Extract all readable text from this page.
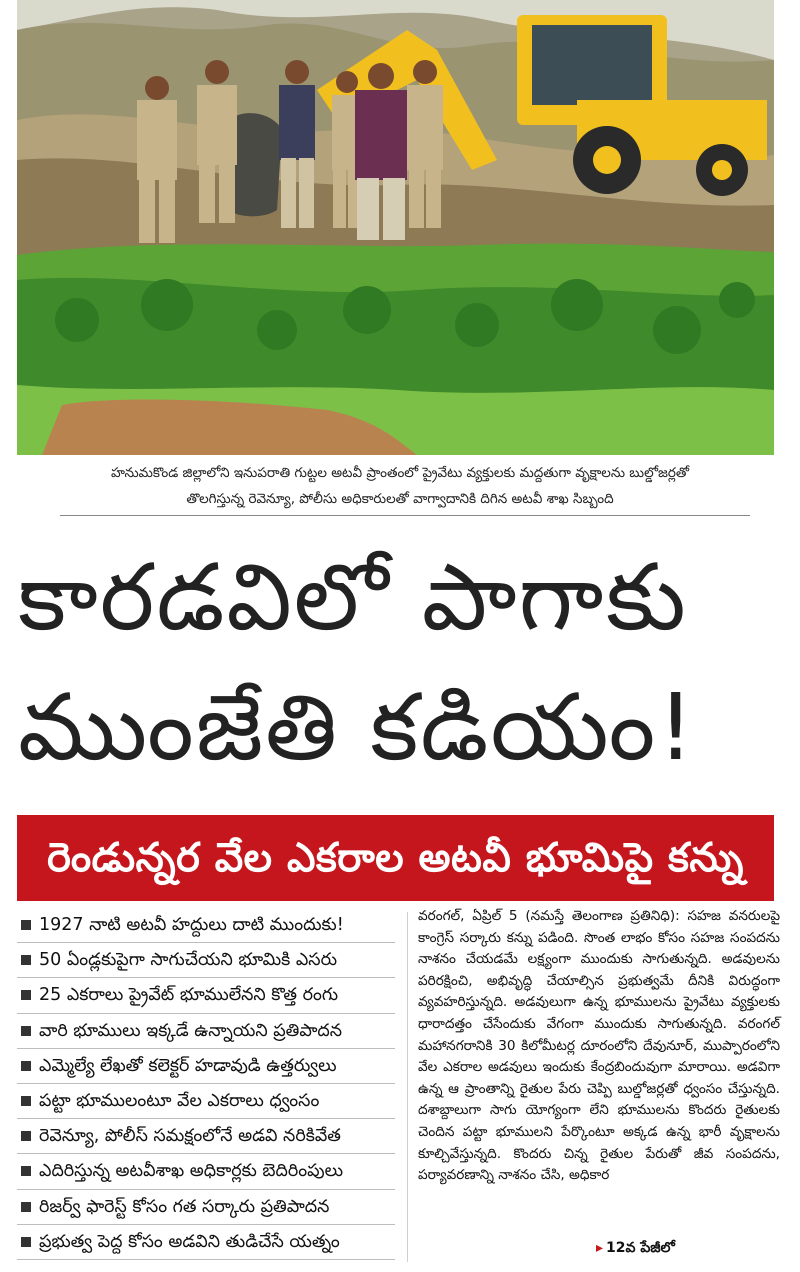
హనుమకొండ జిల్లాలోని ఇనుపరాతి గుట్టల అటవీ ప్రాంతంలో ప్రైవేటు వ్యక్తులకు మద్దతుగా వృక్షాలను బుల్డోజర్లతో
తొలగిస్తున్న రెవెన్యూ, పోలీసు అధికారులతో వాగ్వాదానికి దిగిన అటవీ శాఖ సిబ్బంది
కారడవిలో పాగాకు
ముంజేతి కడియం!
రెండున్నర వేల ఎకరాల అటవీ భూమిపై కన్ను
1927 నాటి అటవీ హద్దులు దాటి ముందుకు!
50 ఏండ్లకుపైగా సాగుచేయని భూమికి ఎసరు
25 ఎకరాలు ప్రైవేట్ భూములేనని కొత్త రంగు
వారి భూములు ఇక్కడే ఉన్నాయని ప్రతిపాదన
ఎమ్మెల్యే లేఖతో కలెక్టర్ హడావుడి ఉత్తర్వులు
పట్టా భూములంటూ వేల ఎకరాలు ధ్వంసం
రెవెన్యూ, పోలీస్ సమక్షంలోనే అడవి నరికివేత
ఎదిరిస్తున్న అటవీశాఖ అధికార్లకు బెదిరింపులు
రిజర్వ్ ఫారెస్ట్ కోసం గత సర్కారు ప్రతిపాదన
ప్రభుత్వ పెద్ద కోసం అడవిని తుడిచేసే యత్నం
వరంగల్, ఏప్రిల్ 5 (నమస్తే తెలంగాణ ప్రతినిధి): సహజ వనరులపై కాంగ్రెస్ సర్కారు కన్ను పడింది. సొంత లాభం కోసం సహజ సంపదను నాశనం చేయడమే లక్ష్యంగా ముందుకు సాగుతున్నది. అడవులను పరిరక్షించి, అభివృద్ధి చేయాల్సిన ప్రభుత్వమే దీనికి విరుద్ధంగా వ్యవహరిస్తున్నది. అడవులుగా ఉన్న భూములను ప్రైవేటు వ్యక్తులకు ధారాదత్తం చేసేందుకు వేగంగా ముందుకు సాగుతున్నది. వరంగల్ మహానగరానికి 30 కిలోమీటర్ల దూరంలోని దేవునూర్, ముప్పారంలోని వేల ఎకరాల అడవులు ఇందుకు కేంద్రబిందువుగా మారాయి. అడవిగా ఉన్న ఆ ప్రాంతాన్ని రైతుల పేరు చెప్పి బుల్డోజర్లతో ధ్వంసం చేస్తున్నది. దశాబ్దాలుగా సాగు యోగ్యంగా లేని భూములను కొందరు రైతులకు చెందిన పట్టా భూములని పేర్కొంటూ అక్కడ ఉన్న భారీ వృక్షాలను కూల్చివేస్తున్నది. కొందరు చిన్న రైతుల పేరుతో జీవ సంపదను, పర్యావరణాన్ని నాశనం చేసి, అధికార
▸ 12వ పేజీలో
